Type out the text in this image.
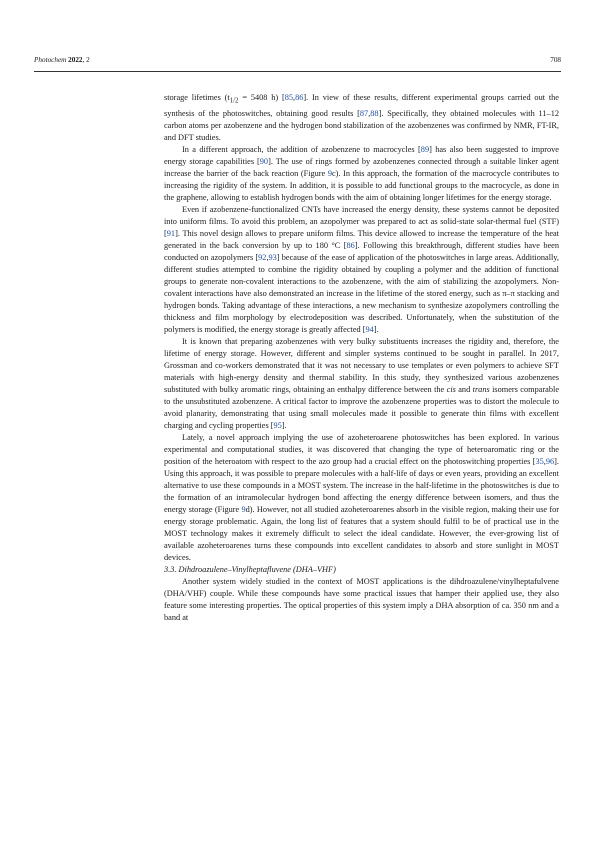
Photochem 2022, 2	708

storage lifetimes ($t_{1/2} = 5408$ h) [85,86]. In view of these results, different experimental groups carried out the synthesis of the photoswitches, obtaining good results [87,88]. Specifically, they obtained molecules with 11–12 carbon atoms per azobenzene and the hydrogen bond stabilization of the azobenzenes was confirmed by NMR, FT-IR, and DFT studies.

In a different approach, the addition of azobenzene to macrocycles [89] has also been suggested to improve energy storage capabilities [90]. The use of rings formed by azobenzenes connected through a suitable linker agent increase the barrier of the back reaction (Figure 9c). In this approach, the formation of the macrocycle contributes to increasing the rigidity of the system. In addition, it is possible to add functional groups to the macrocycle, as done in the graphene, allowing to establish hydrogen bonds with the aim of obtaining longer lifetimes for the energy storage.

Even if azobenzene-functionalized CNTs have increased the energy density, these systems cannot be deposited into uniform films. To avoid this problem, an azopolymer was prepared to act as solid-state solar-thermal fuel (STF) [91]. This novel design allows to prepare uniform films. This device allowed to increase the temperature of the heat generated in the back conversion by up to 180 °C [86]. Following this breakthrough, different studies have been conducted on azopolymers [92,93] because of the ease of application of the photoswitches in large areas. Additionally, different studies attempted to combine the rigidity obtained by coupling a polymer and the addition of functional groups to generate non-covalent interactions to the azobenzene, with the aim of stabilizing the azopolymers. Non-covalent interactions have also demonstrated an increase in the lifetime of the stored energy, such as π–π stacking and hydrogen bonds. Taking advantage of these interactions, a new mechanism to synthesize azopolymers controlling the thickness and film morphology by electrodeposition was described. Unfortunately, when the substitution of the polymers is modified, the energy storage is greatly affected [94].

It is known that preparing azobenzenes with very bulky substituents increases the rigidity and, therefore, the lifetime of energy storage. However, different and simpler systems continued to be sought in parallel. In 2017, Grossman and co-workers demonstrated that it was not necessary to use templates or even polymers to achieve SFT materials with high-energy density and thermal stability. In this study, they synthesized various azobenzenes substituted with bulky aromatic rings, obtaining an enthalpy difference between the cis and trans isomers comparable to the unsubstituted azobenzene. A critical factor to improve the azobenzene properties was to distort the molecule to avoid planarity, demonstrating that using small molecules made it possible to generate thin films with excellent charging and cycling properties [95].

Lately, a novel approach implying the use of azoheteroarene photoswitches has been explored. In various experimental and computational studies, it was discovered that changing the type of heteroaromatic ring or the position of the heteroatom with respect to the azo group had a crucial effect on the photoswitching properties [35,96]. Using this approach, it was possible to prepare molecules with a half-life of days or even years, providing an excellent alternative to use these compounds in a MOST system. The increase in the half-lifetime in the photoswitches is due to the formation of an intramolecular hydrogen bond affecting the energy difference between isomers, and thus the energy storage (Figure 9d). However, not all studied azoheteroarenes absorb in the visible region, making their use for energy storage problematic. Again, the long list of features that a system should fulfil to be of practical use in the MOST technology makes it extremely difficult to select the ideal candidate. However, the ever-growing list of available azoheteroarenes turns these compounds into excellent candidates to absorb and store sunlight in MOST devices.

3.3. Dihdroazulene–Vinylheptafluvene (DHA–VHF)

Another system widely studied in the context of MOST applications is the dihdroazulene/vinylheptafulvene (DHA/VHF) couple. While these compounds have some practical issues that hamper their applied use, they also feature some interesting properties. The optical properties of this system imply a DHA absorption of ca. 350 nm and a band at
